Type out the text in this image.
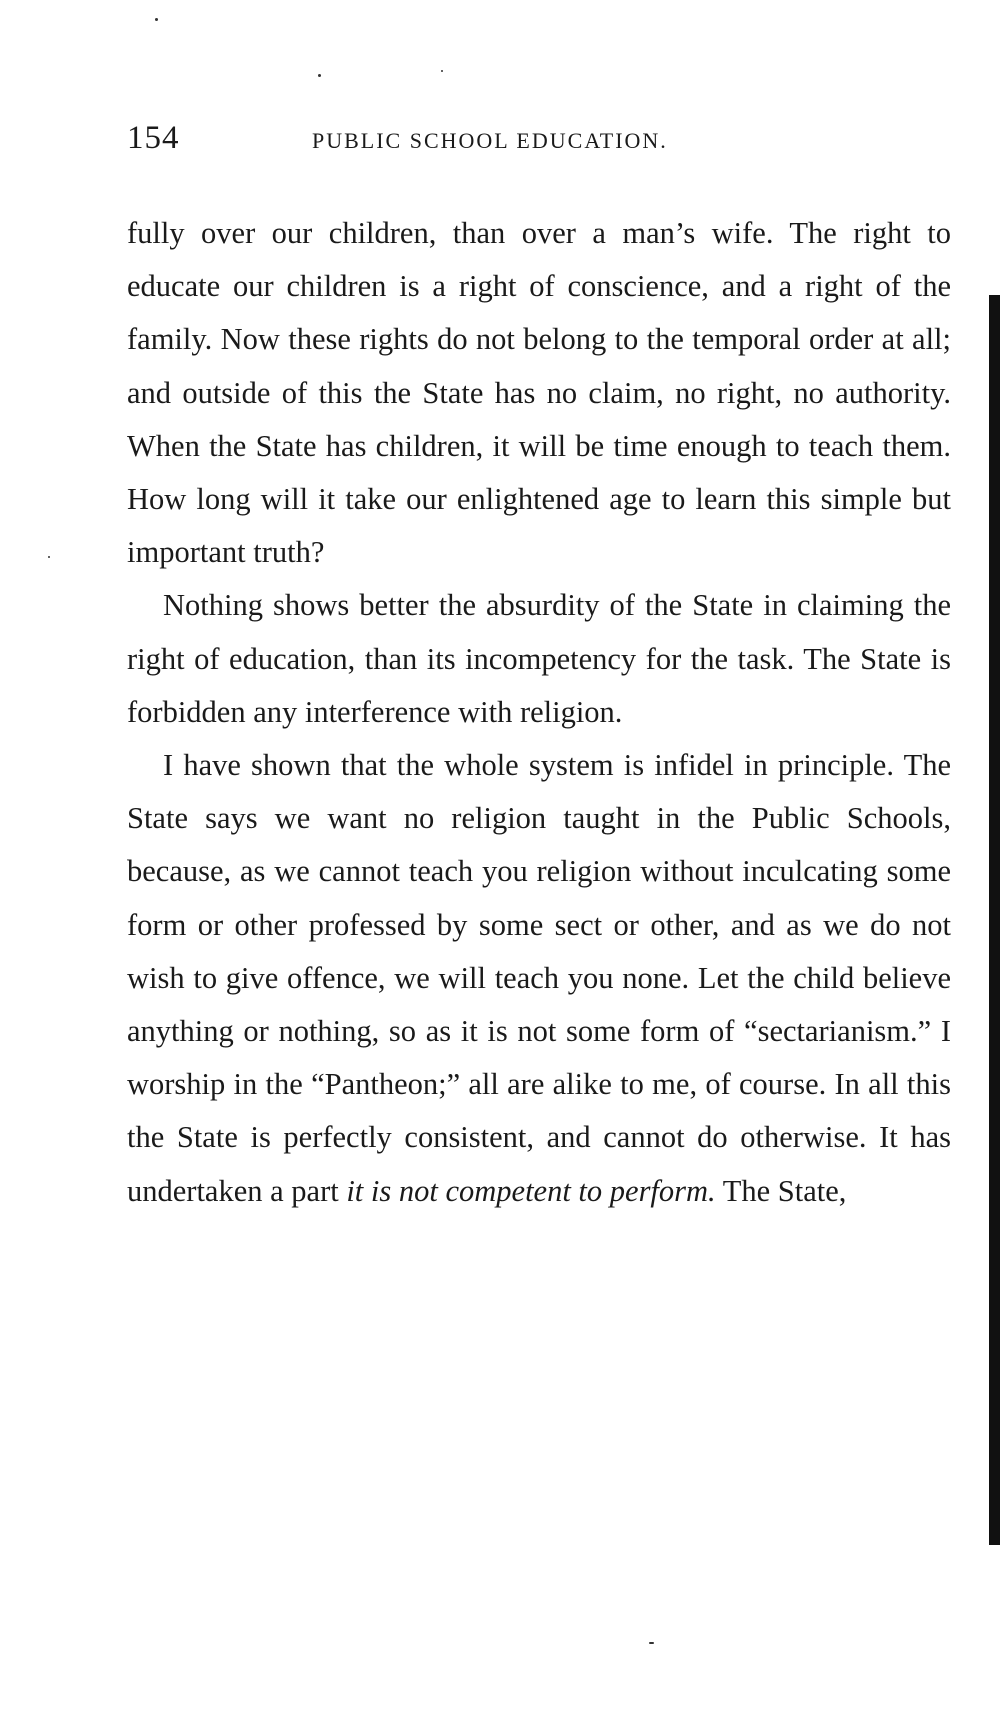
154	PUBLIC SCHOOL EDUCATION.

fully over our children, than over a man’s wife. The right to educate our children is a right of conscience, and a right of the family. Now these rights do not belong to the temporal order at all; and outside of this the State has no claim, no right, no authority. When the State has children, it will be time enough to teach them. How long will it take our enlightened age to learn this simple but important truth?

Nothing shows better the absurdity of the State in claiming the right of education, than its incompetency for the task. The State is forbidden any interference with religion.

I have shown that the whole system is infidel in principle. The State says we want no religion taught in the Public Schools, because, as we cannot teach you religion without inculcating some form or other professed by some sect or other, and as we do not wish to give offence, we will teach you none. Let the child believe anything or nothing, so as it is not some form of “sectarianism.” I worship in the “Pantheon;” all are alike to me, of course. In all this the State is perfectly consistent, and cannot do otherwise. It has undertaken a part it is not competent to perform. The State,
